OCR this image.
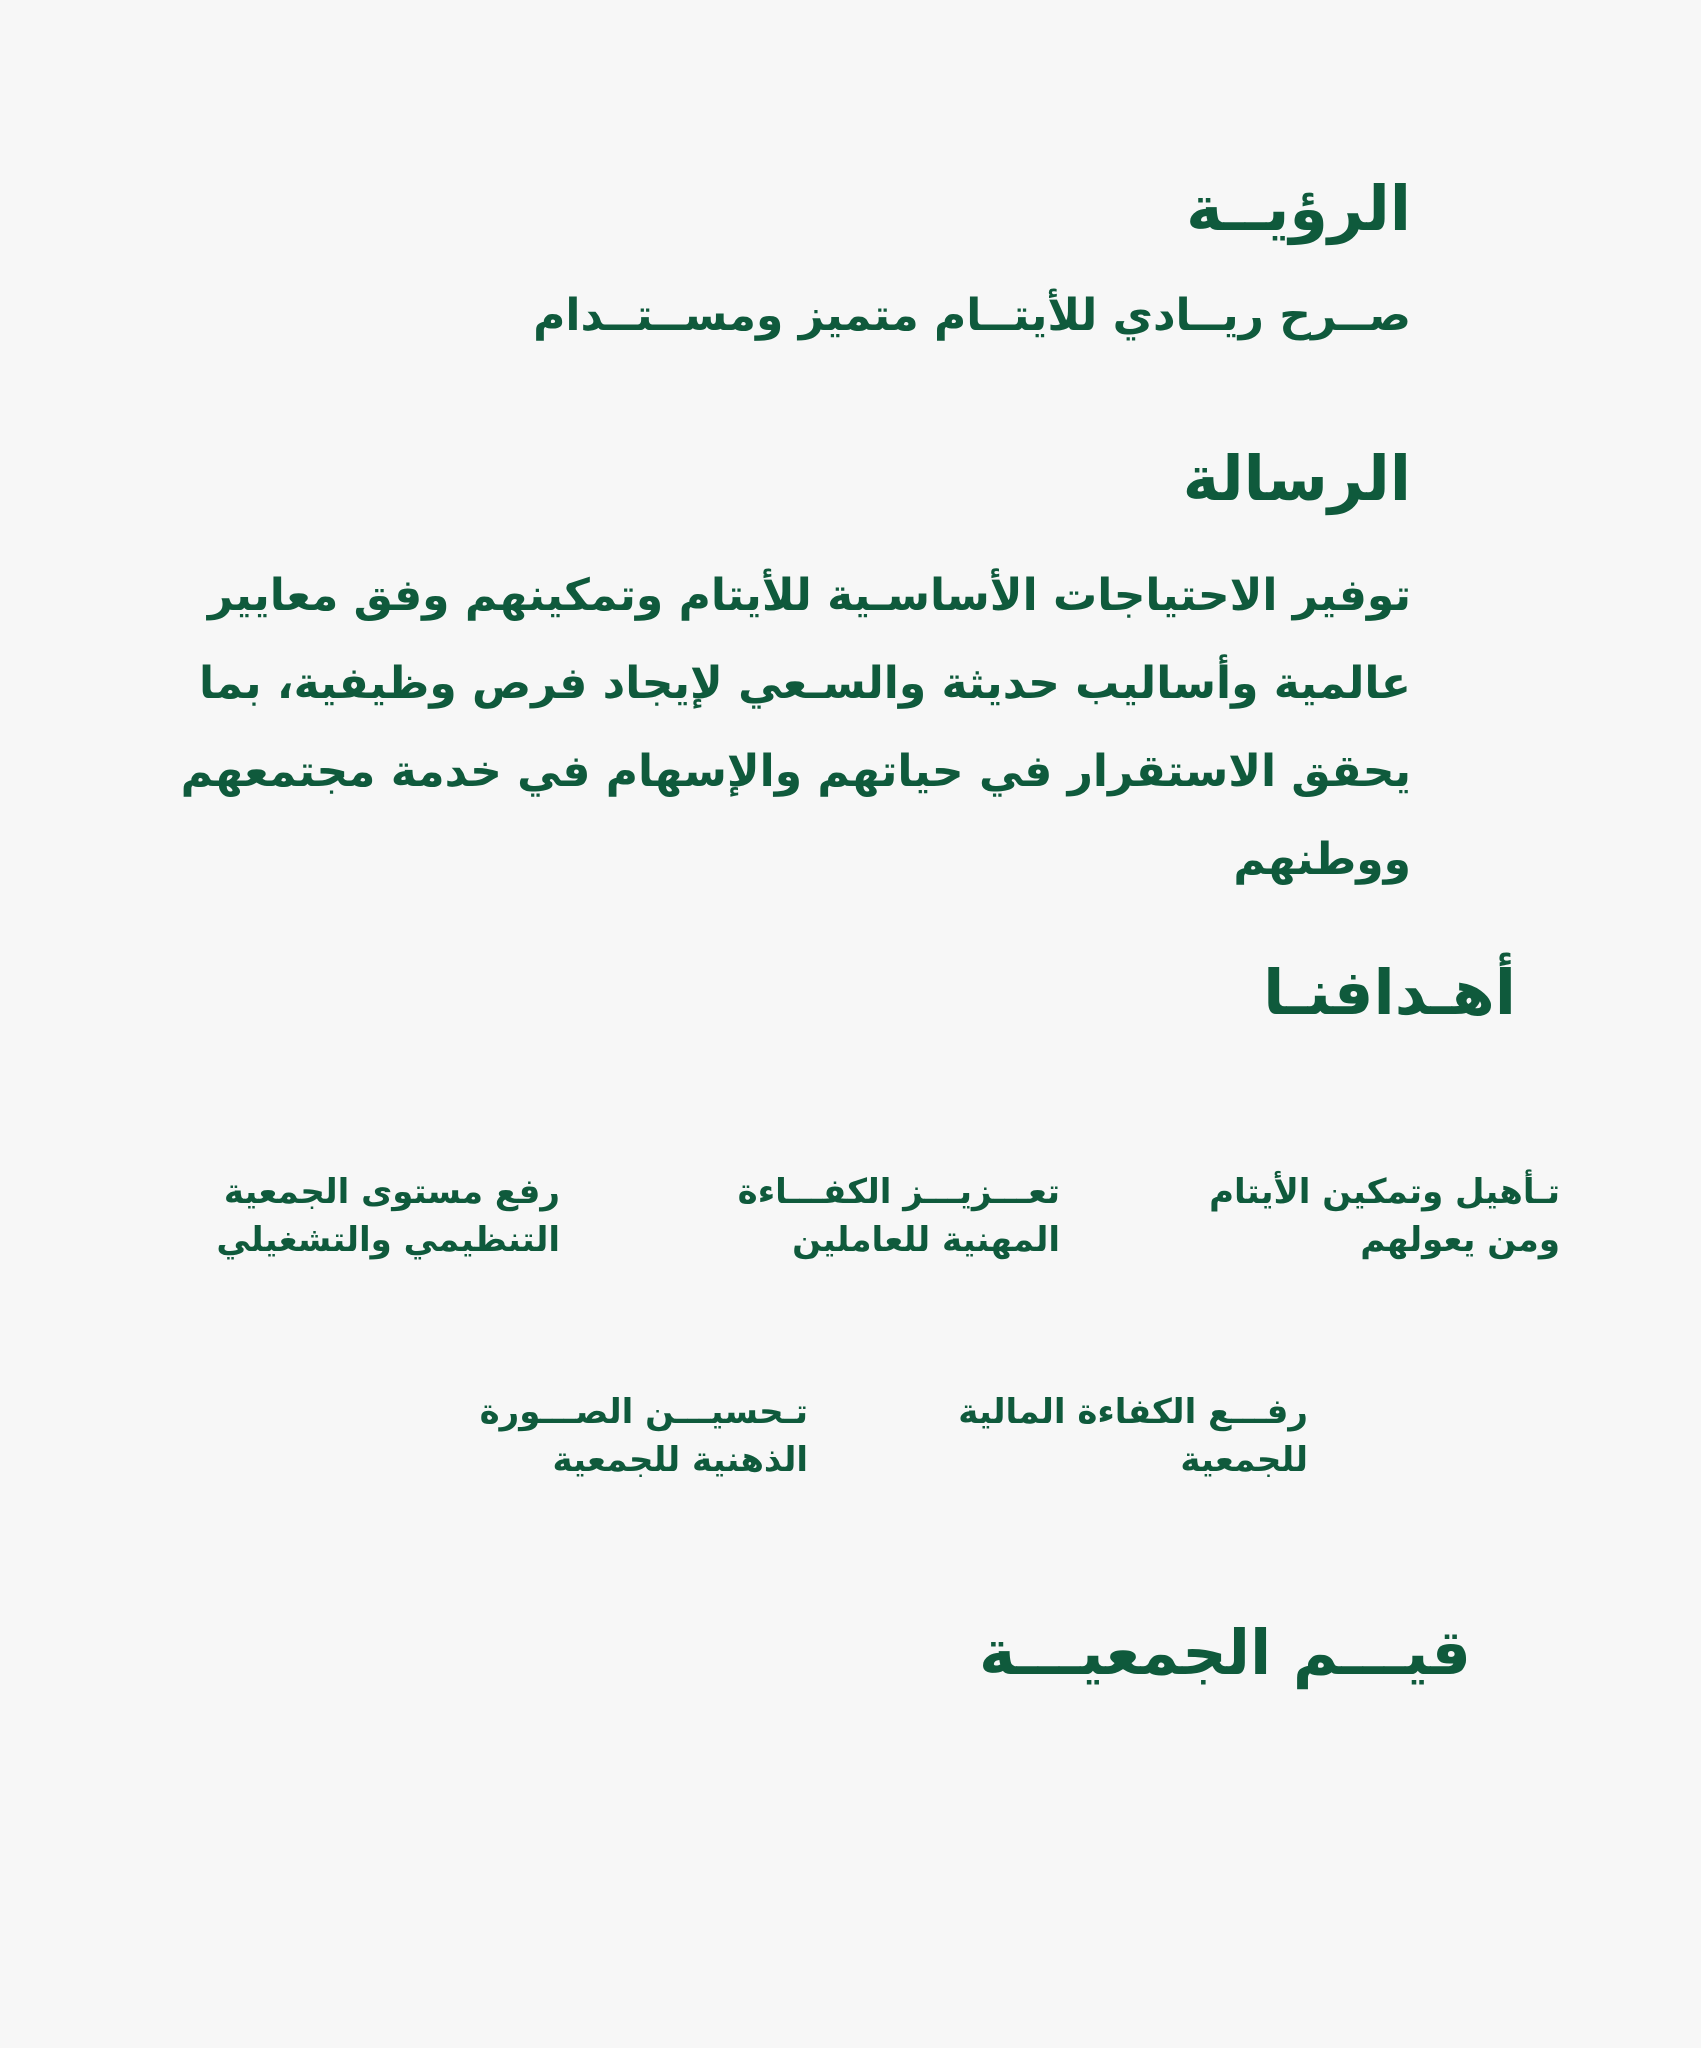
الرؤيــة
صــرح ريــادي للأيتــام متميز ومســتــدام
الرسالة
توفير الاحتياجات الأساسـية للأيتام وتمكينهم وفق معايير
عالمية وأساليب حديثة والسـعي لإيجاد فرص وظيفية، بما
يحقق الاستقرار في حياتهم والإسهام في خدمة مجتمعهم
ووطنهم
أهـدافنـا
تـأهيل وتمكين الأيتام
ومن يعولهم
تعـــزيـــز الكفـــاءة
المهنية للعاملين
رفع مستوى الجمعية
التنظيمي والتشغيلي
رفـــع الكفاءة المالية
للجمعية
تـحسيـــن الصـــورة
الذهنية للجمعية
قيـــم الجمعيـــة
